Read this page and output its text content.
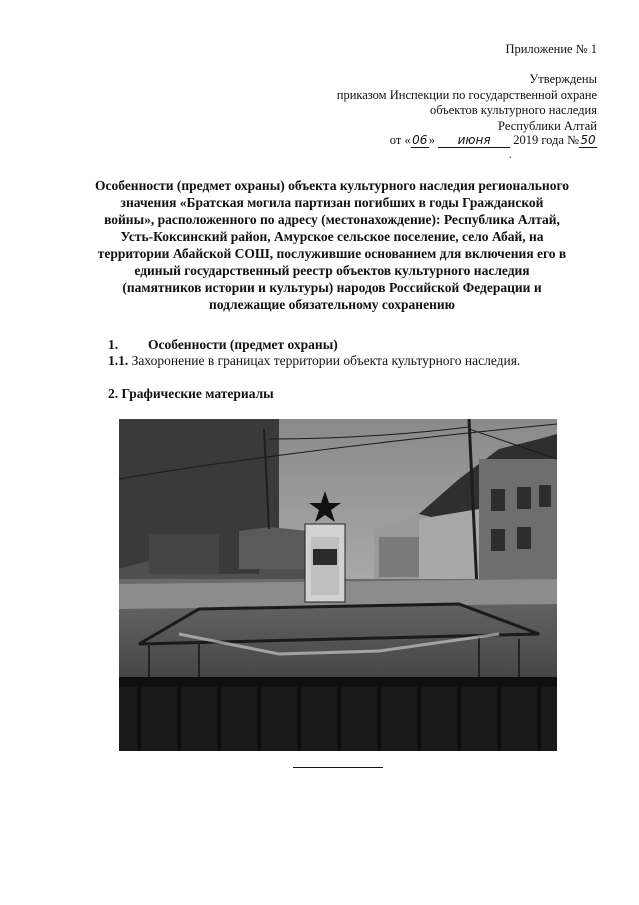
Приложение № 1
Утверждены
приказом Инспекции по государственной охране
объектов культурного наследия
Республики Алтай
от «06» июня 2019 года №50
.
Особенности (предмет охраны) объекта культурного наследия регионального
значения «Братская могила партизан погибших в годы Гражданской
войны», расположенного по адресу (местонахождение): Республика Алтай,
Усть-Коксинский район, Амурское сельское поселение, село Абай, на
территории Абайской СОШ, послужившие основанием для включения его в
единый государственный реестр объектов культурного наследия
(памятников истории и культуры) народов Российской Федерации и
подлежащие обязательному сохранению
1. Особенности (предмет охраны)
1.1. Захоронение в границах территории объекта культурного наследия.
2. Графические материалы
